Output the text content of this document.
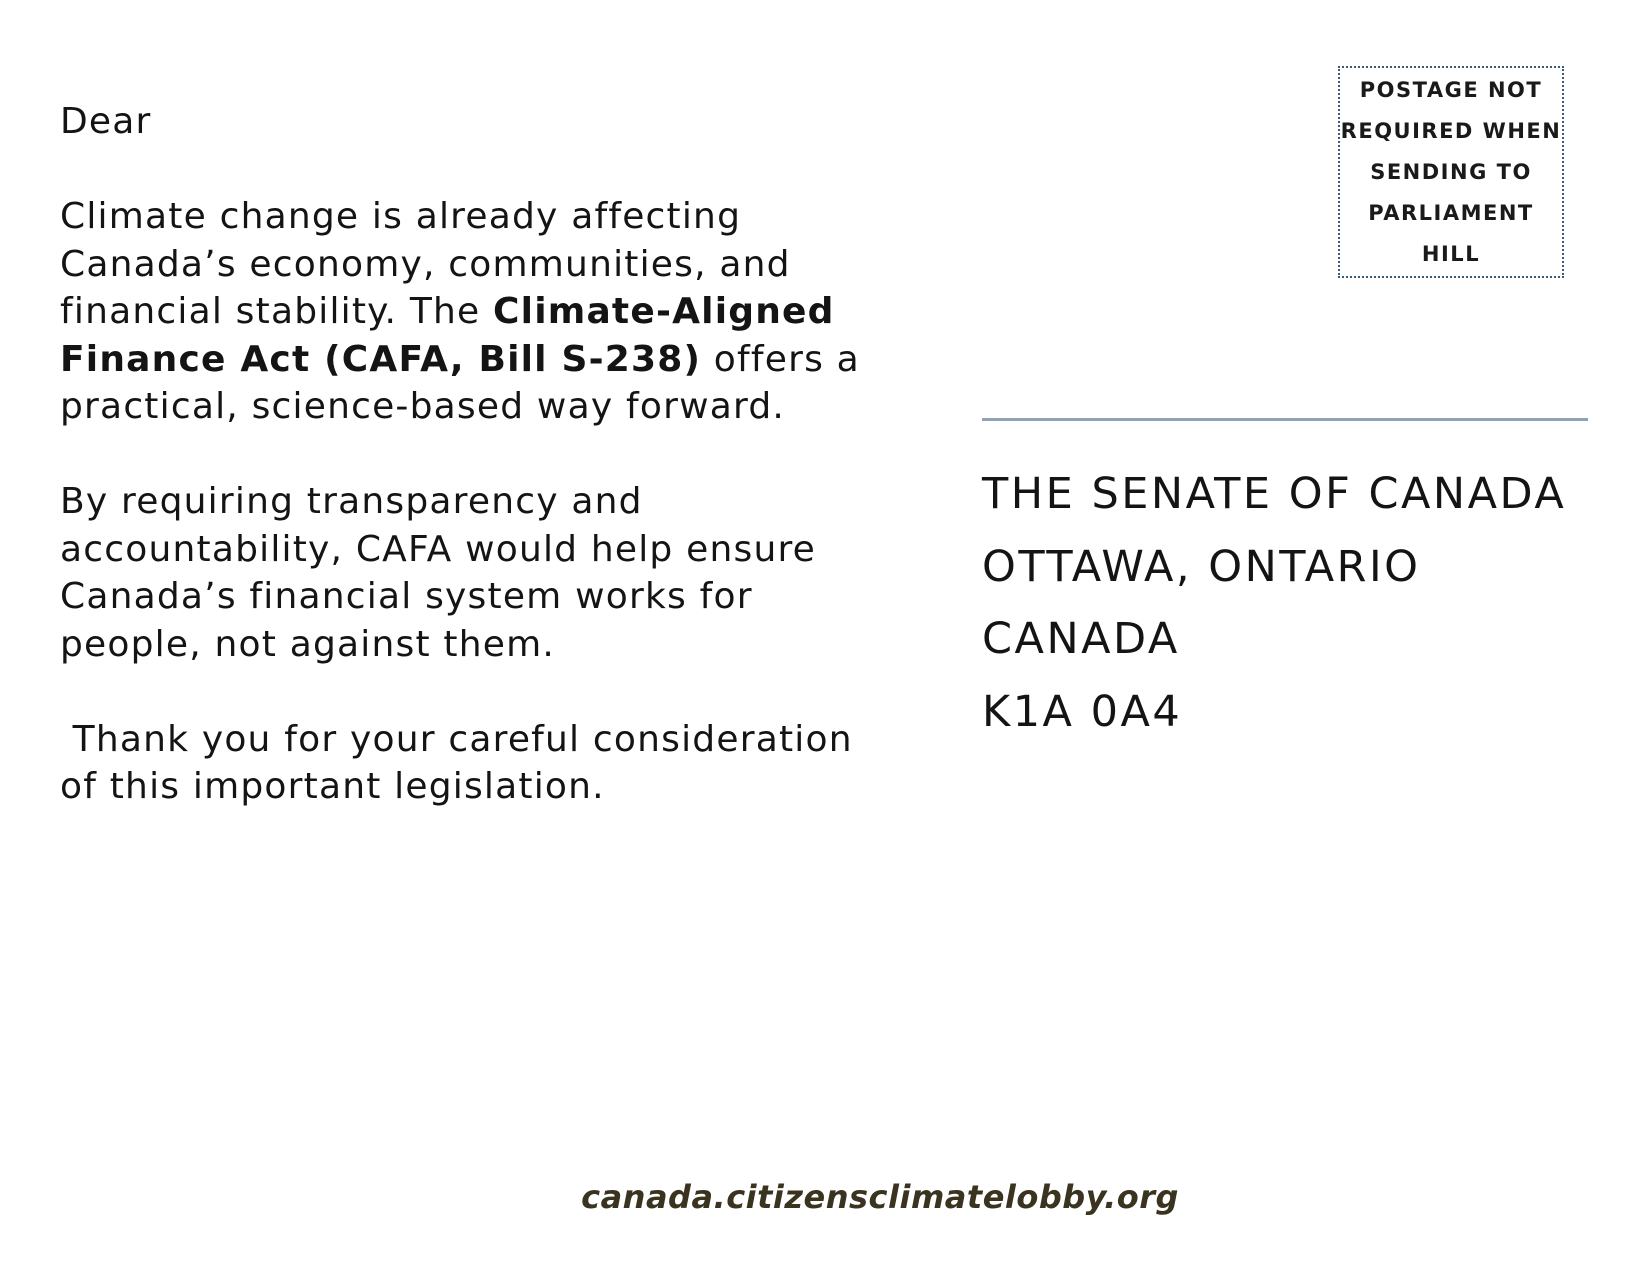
Dear

Climate change is already affecting Canada’s economy, communities, and financial stability. The Climate-Aligned Finance Act (CAFA, Bill S-238) offers a practical, science-based way forward.

By requiring transparency and accountability, CAFA would help ensure Canada’s financial system works for people, not against them.

Thank you for your careful consideration of this important legislation.

POSTAGE NOT REQUIRED WHEN SENDING TO PARLIAMENT HILL
THE SENATE OF CANADA
OTTAWA, ONTARIO
CANADA
K1A 0A4
canada.citizensclimatelobby.org
